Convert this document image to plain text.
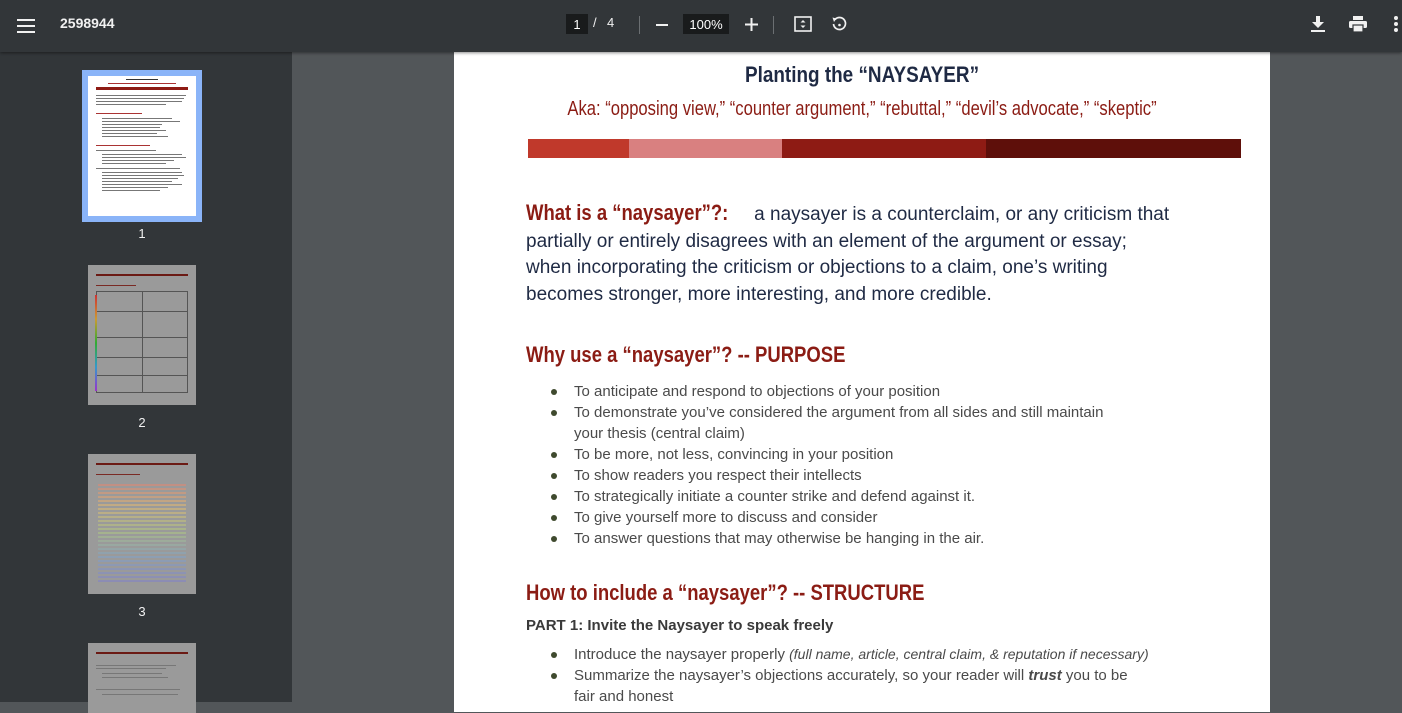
2598944	1 / 4	100%
1
2
3
Planting the “NAYSAYER”
Aka: “opposing view,” “counter argument,” “rebuttal,” “devil’s advocate,” “skeptic”
What is a “naysayer”?: a naysayer is a counterclaim, or any criticism that partially or entirely disagrees with an element of the argument or essay; when incorporating the criticism or objections to a claim, one’s writing becomes stronger, more interesting, and more credible.
Why use a “naysayer”? -- PURPOSE
To anticipate and respond to objections of your position
To demonstrate you’ve considered the argument from all sides and still maintain your thesis (central claim)
To be more, not less, convincing in your position
To show readers you respect their intellects
To strategically initiate a counter strike and defend against it.
To give yourself more to discuss and consider
To answer questions that may otherwise be hanging in the air.
How to include a “naysayer”? -- STRUCTURE
PART 1: Invite the Naysayer to speak freely
Introduce the naysayer properly (full name, article, central claim, & reputation if necessary)
Summarize the naysayer’s objections accurately, so your reader will trust you to be fair and honest
